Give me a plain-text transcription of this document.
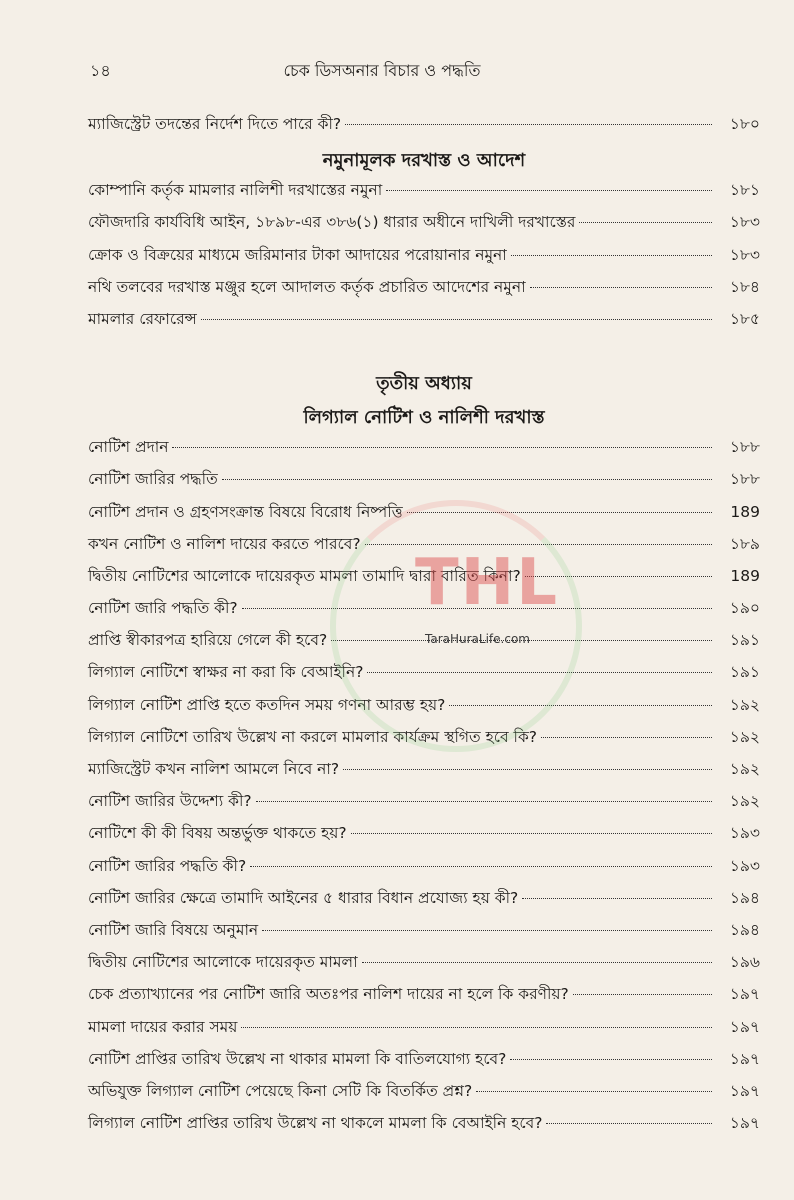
১৪	চেক ডিসঅনার বিচার ও পদ্ধতি
ম্যাজিস্ট্রেট তদন্তের নির্দেশ দিতে পারে কী?	১৮০
নমুনামূলক দরখাস্ত ও আদেশ
কোম্পানি কর্তৃক মামলার নালিশী দরখাস্তের নমুনা	১৮১
ফৌজদারি কার্যবিধি আইন, ১৮৯৮-এর ৩৮৬(১) ধারার অধীনে দাখিলী দরখাস্তের	১৮৩
ক্রোক ও বিক্রয়ের মাধ্যমে জরিমানার টাকা আদায়ের পরোয়ানার নমুনা	১৮৩
নথি তলবের দরখাস্ত মঞ্জুর হলে আদালত কর্তৃক প্রচারিত আদেশের নমুনা	১৮৪
মামলার রেফারেন্স	১৮৫
তৃতীয় অধ্যায়
লিগ্যাল নোটিশ ও নালিশী দরখাস্ত
নোটিশ প্রদান	১৮৮
নোটিশ জারির পদ্ধতি	১৮৮
নোটিশ প্রদান ও গ্রহণসংক্রান্ত বিষয়ে বিরোধ নিষ্পত্তি	189
কখন নোটিশ ও নালিশ দায়ের করতে পারবে?	১৮৯
দ্বিতীয় নোটিশের আলোকে দায়েরকৃত মামলা তামাদি দ্বারা বারিত কিনা?	189
নোটিশ জারি পদ্ধতি কী?	১৯০
প্রাপ্তি স্বীকারপত্র হারিয়ে গেলে কী হবে?	১৯১
লিগ্যাল নোটিশে স্বাক্ষর না করা কি বেআইনি?	১৯১
লিগ্যাল নোটিশ প্রাপ্তি হতে কতদিন সময় গণনা আরম্ভ হয়?	১৯২
লিগ্যাল নোটিশে তারিখ উল্লেখ না করলে মামলার কার্যক্রম স্থগিত হবে কি?	১৯২
ম্যাজিস্ট্রেট কখন নালিশ আমলে নিবে না?	১৯২
নোটিশ জারির উদ্দেশ্য কী?	১৯২
নোটিশে কী কী বিষয় অন্তর্ভুক্ত থাকতে হয়?	১৯৩
নোটিশ জারির পদ্ধতি কী?	১৯৩
নোটিশ জারির ক্ষেত্রে তামাদি আইনের ৫ ধারার বিধান প্রযোজ্য হয় কী?	১৯৪
নোটিশ জারি বিষয়ে অনুমান	১৯৪
দ্বিতীয় নোটিশের আলোকে দায়েরকৃত মামলা	১৯৬
চেক প্রত্যাখ্যানের পর নোটিশ জারি অতঃপর নালিশ দায়ের না হলে কি করণীয়?	১৯৭
মামলা দায়ের করার সময়	১৯৭
নোটিশ প্রাপ্তির তারিখ উল্লেখ না থাকার মামলা কি বাতিলযোগ্য হবে?	১৯৭
অভিযুক্ত লিগ্যাল নোটিশ পেয়েছে কিনা সেটি কি বিতর্কিত প্রশ্ন?	১৯৭
লিগ্যাল নোটিশ প্রাপ্তির তারিখ উল্লেখ না থাকলে মামলা কি বেআইনি হবে?	১৯৭
THL
TaraHuraLife.com
